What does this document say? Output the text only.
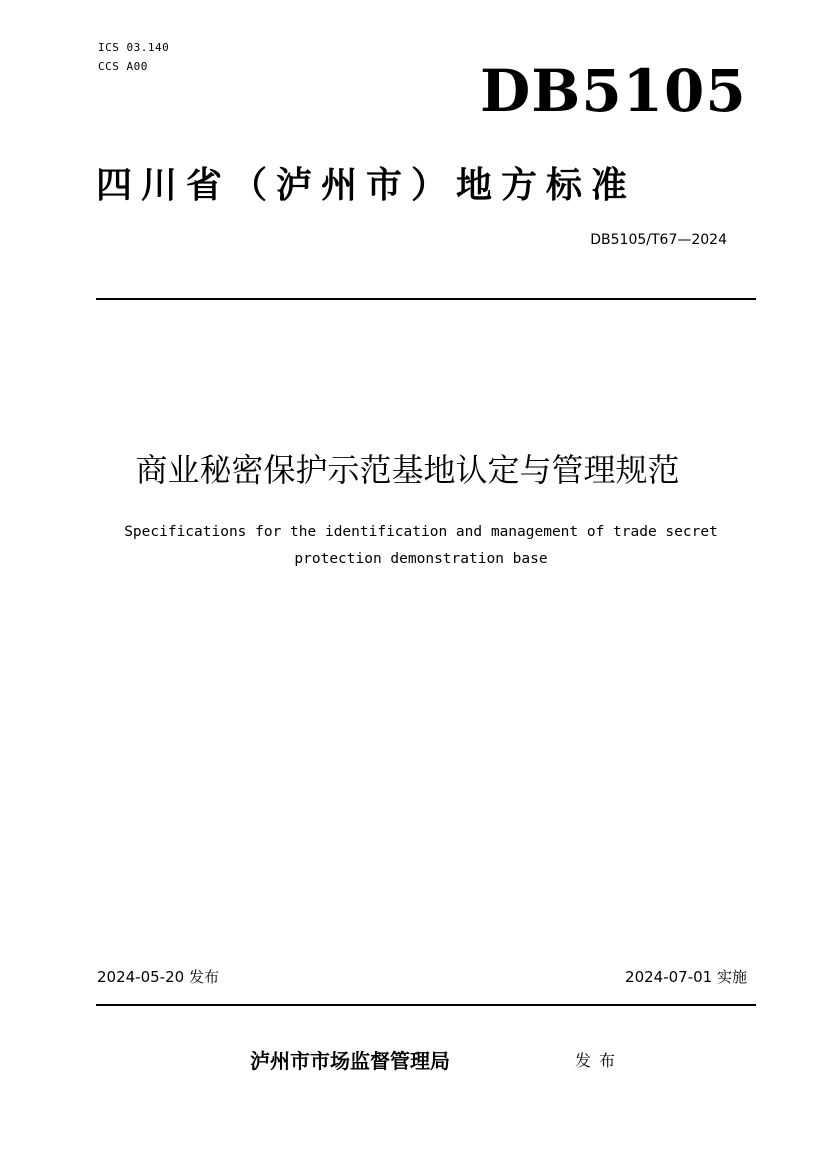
ICS 03.140
CCS A00	DB5105
四川省（泸州市）地方标准
DB5105/T67—2024
商业秘密保护示范基地认定与管理规范
Specifications for the identification and management of trade secret protection demonstration base
2024-05-20 发布	2024-07-01 实施
泸州市市场监督管理局	发布
